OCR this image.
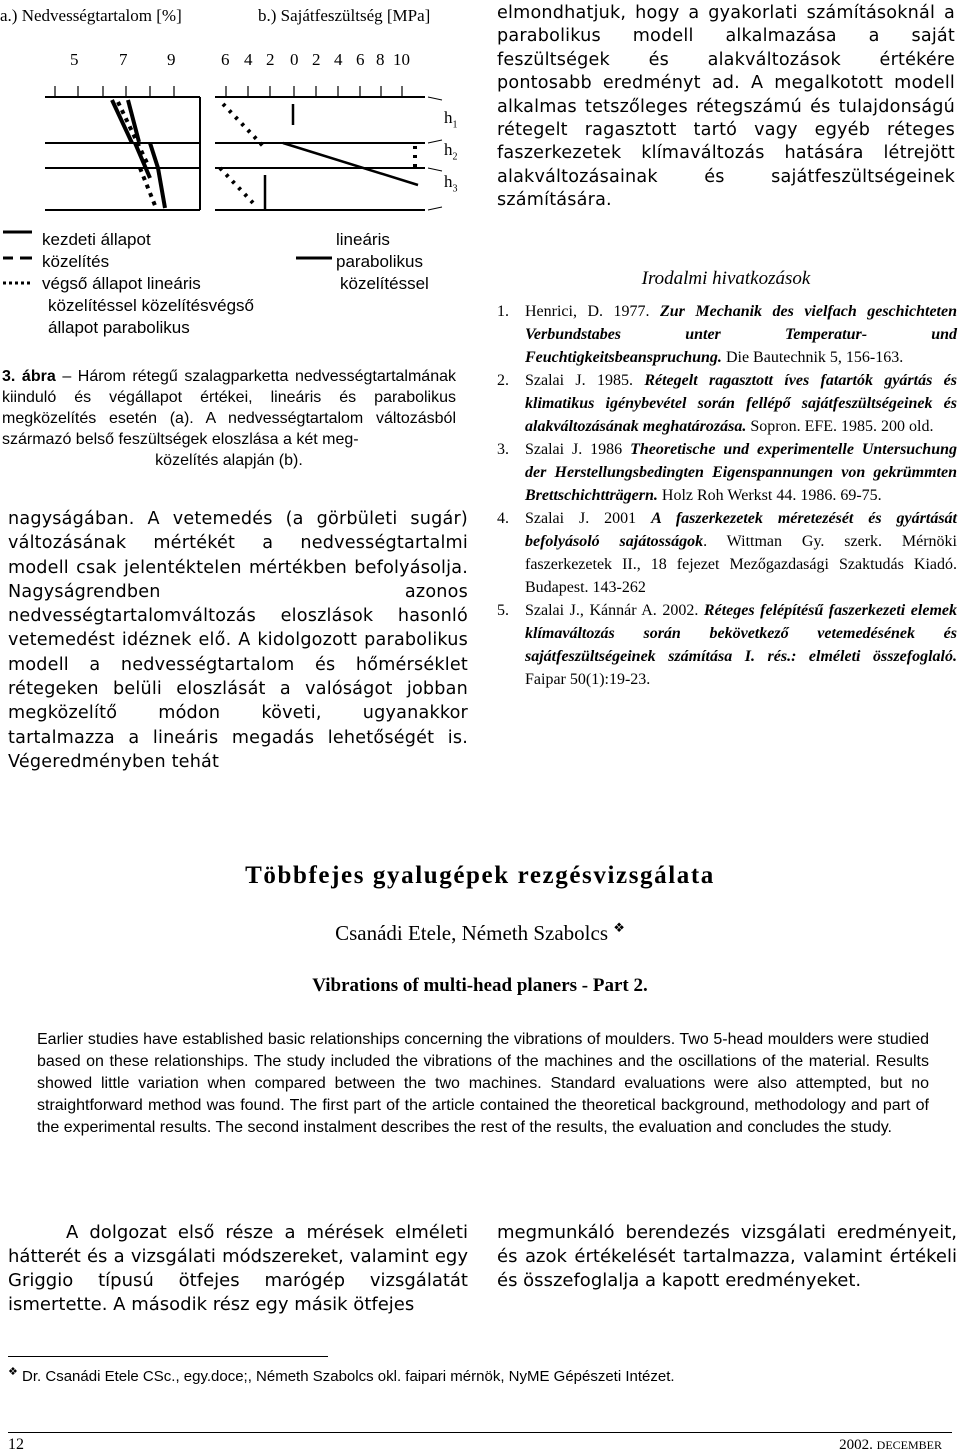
a.) Nedvességtartalom [%]	b.) Sajátfeszültség [MPa]
5 7 9	6 4 2 0 2 4 6 8 10
$h_1$
$h_2$
$h_3$
kezdeti állapot
közelítés
végső állapot lineáris
közelítéssel közelítésvégső
állapot parabolikus
lineáris
parabolikus
közelítéssel
3. ábra – Három rétegű szalagparketta nedvességtartalmának kiinduló és végállapot értékei, lineáris és parabolikus megközelítés esetén (a). A nedvességtartalom változásból származó belső feszültségek eloszlása a két meg-
közelítés alapján (b).
nagyságában. A vetemedés (a görbületi sugár) változásának mértékét a nedvességtartalmi modell csak jelentéktelen mértékben befolyásolja. Nagyságrendben azonos nedvességtartalomváltozás eloszlások hasonló vetemedést idéznek elő. A kidolgozott parabolikus modell a nedvességtartalom és hőmérséklet rétegeken belüli eloszlását a valóságot jobban megközelítő módon követi, ugyanakkor tartalmazza a lineáris megadás lehetőségét is. Végeredményben tehát
elmondhatjuk, hogy a gyakorlati számításoknál a parabolikus modell alkalmazása a saját feszültségek és alakváltozások értékére pontosabb eredményt ad. A megalkotott modell alkalmas tetszőleges rétegszámú és tulajdonságú rétegelt ragasztott tartó vagy egyéb réteges faszerkezetek klímaváltozás hatására létrejött alakváltozásainak és sajátfeszültségeinek számítására.
Irodalmi hivatkozások
1.	Henrici, D. 1977. Zur Mechanik des vielfach geschichteten Verbundstabes unter Temperatur- und Feuchtigkeitsbeanspruchung. Die Bautechnik 5, 156-163.
2.	Szalai J. 1985. Rétegelt ragasztott íves fatartók gyártás és klimatikus igénybevétel során fellépő sajátfeszültségeinek és alakváltozásának meghatározása. Sopron. EFE. 1985. 200 old.
3.	Szalai J. 1986 Theoretische und experimentelle Untersuchung der Herstellungsbedingten Eigenspannungen von gekrümmten Brettschichtträgern. Holz Roh Werkst 44. 1986. 69-75.
4.	Szalai J. 2001 A faszerkezetek méretezését és gyártását befolyásoló sajátosságok. Wittman Gy. szerk. Mérnöki faszerkezetek II., 18 fejezet Mezőgazdasági Szaktudás Kiadó. Budapest. 143-262
5.	Szalai J., Kánnár A. 2002. Réteges felépítésű faszerkezeti elemek klímaváltozás során bekövetkező vetemedésének és sajátfeszültségeinek számítása I. rés.: elméleti összefoglaló. Faipar 50(1):19-23.
Többfejes gyalugépek rezgésvizsgálata
Csanádi Etele, Németh Szabolcs ❖
Vibrations of multi-head planers - Part 2.
Earlier studies have established basic relationships concerning the vibrations of moulders. Two 5-head moulders were studied based on these relationships. The study included the vibrations of the machines and the oscillations of the material. Results showed little variation when compared between the two machines. Standard evaluations were also attempted, but no straightforward method was found. The first part of the article contained the theoretical background, methodology and part of the experimental results. The second instalment describes the rest of the results, the evaluation and concludes the study.
A dolgozat első része a mérések elméleti hátterét és a vizsgálati módszereket, valamint egy Griggio típusú ötfejes marógép vizsgálatát ismertette. A második rész egy másik ötfejes
megmunkáló berendezés vizsgálati eredményeit, és azok értékelését tartalmazza, valamint értékeli és összefoglalja a kapott eredményeket.
❖ Dr. Csanádi Etele CSc., egy.doce;, Németh Szabolcs okl. faipari mérnök, NyME Gépészeti Intézet.
12	2002. DECEMBER
